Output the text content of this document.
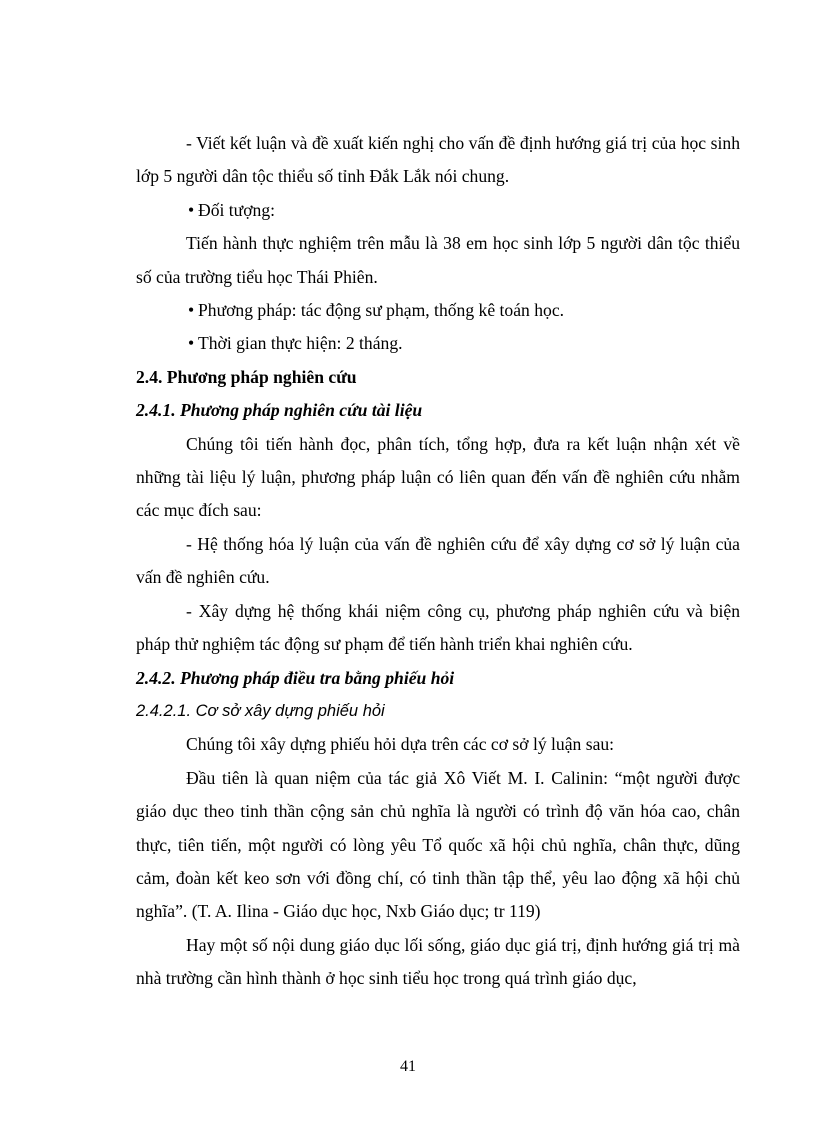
- Viết kết luận và đề xuất kiến nghị cho vấn đề định hướng giá trị của học sinh lớp 5 người dân tộc thiểu số tỉnh Đắk Lắk nói chung.

• Đối tượng:

Tiến hành thực nghiệm trên mẫu là 38 em học sinh lớp 5 người dân tộc thiểu số của trường tiểu học Thái Phiên.

• Phương pháp: tác động sư phạm, thống kê toán học.
• Thời gian thực hiện: 2 tháng.

2.4. Phương pháp nghiên cứu

2.4.1. Phương pháp nghiên cứu tài liệu

Chúng tôi tiến hành đọc, phân tích, tổng hợp, đưa ra kết luận nhận xét về những tài liệu lý luận, phương pháp luận có liên quan đến vấn đề nghiên cứu nhằm các mục đích sau:

- Hệ thống hóa lý luận của vấn đề nghiên cứu để xây dựng cơ sở lý luận của vấn đề nghiên cứu.

- Xây dựng hệ thống khái niệm công cụ, phương pháp nghiên cứu và biện pháp thử nghiệm tác động sư phạm để tiến hành triển khai nghiên cứu.

2.4.2. Phương pháp điều tra bằng phiếu hỏi

2.4.2.1. Cơ sở xây dựng phiếu hỏi

Chúng tôi xây dựng phiếu hỏi dựa trên các cơ sở lý luận sau:

Đầu tiên là quan niệm của tác giả Xô Viết M. I. Calinin: “một người được giáo dục theo tinh thần cộng sản chủ nghĩa là người có trình độ văn hóa cao, chân thực, tiên tiến, một người có lòng yêu Tổ quốc xã hội chủ nghĩa, chân thực, dũng cảm, đoàn kết keo sơn với đồng chí, có tinh thần tập thể, yêu lao động xã hội chủ nghĩa”. (T. A. Ilina - Giáo dục học, Nxb Giáo dục; tr 119)

Hay một số nội dung giáo dục lối sống, giáo dục giá trị, định hướng giá trị mà nhà trường cần hình thành ở học sinh tiểu học trong quá trình giáo dục,

41
